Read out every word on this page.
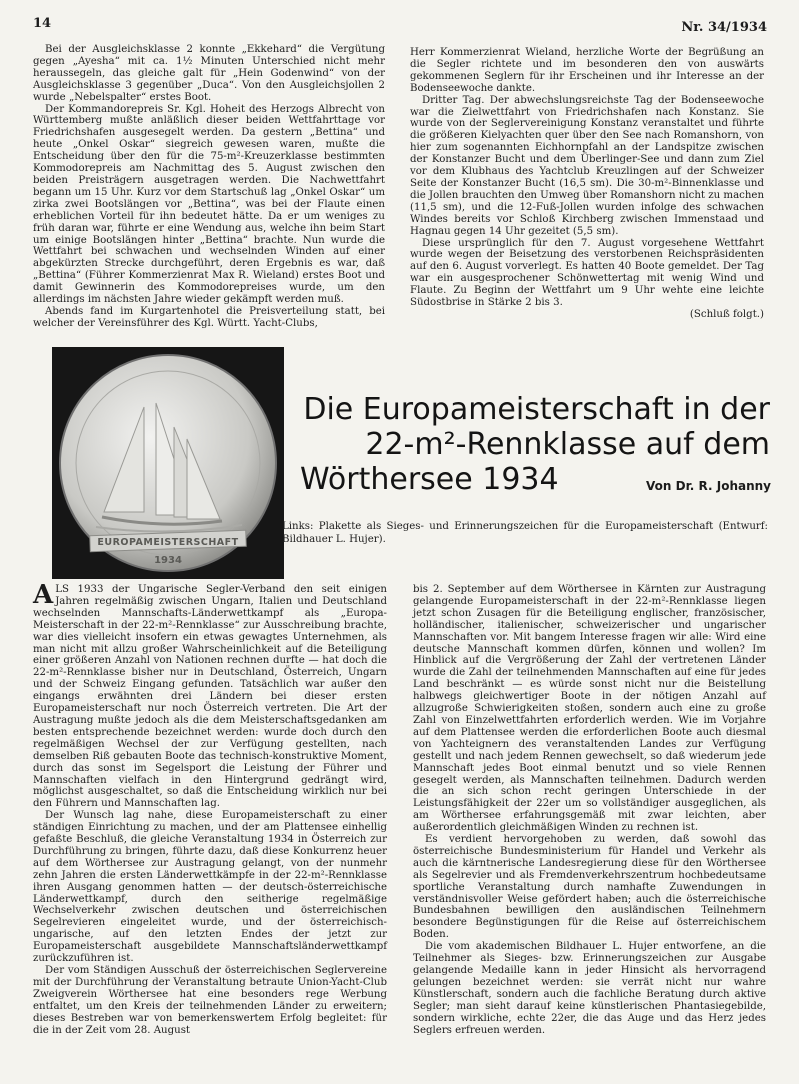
14	Nr. 34/1934

Bei der Ausgleichsklasse 2 konnte „Ekkehard“ die Vergütung gegen „Ayesha“ mit ca. 1½ Minuten Unterschied nicht mehr heraussegeln, das gleiche galt für „Hein Godenwind“ von der Ausgleichsklasse 3 gegenüber „Duca“. Von den Ausgleichsjollen 2 wurde „Nebelspalter“ erstes Boot.

Der Kommandorepreis Sr. Kgl. Hoheit des Herzogs Albrecht von Württemberg mußte anläßlich dieser beiden Wettfahrttage vor Friedrichshafen ausgesegelt werden. Da gestern „Bettina“ und heute „Onkel Oskar“ siegreich gewesen waren, mußte die Entscheidung über den für die 75-m²-Kreuzerklasse bestimmten Kommodorepreis am Nachmittag des 5. August zwischen den beiden Preisträgern ausgetragen werden. Die Nachwettfahrt begann um 15 Uhr. Kurz vor dem Startschuß lag „Onkel Oskar“ um zirka zwei Bootslängen vor „Bettina“, was bei der Flaute einen erheblichen Vorteil für ihn bedeutet hätte. Da er um weniges zu früh daran war, führte er eine Wendung aus, welche ihn beim Start um einige Bootslängen hinter „Bettina“ brachte. Nun wurde die Wettfahrt bei schwachen und wechselnden Winden auf einer abgekürzten Strecke durchgeführt, deren Ergebnis es war, daß „Bettina“ (Führer Kommerzienrat Max R. Wieland) erstes Boot und damit Gewinnerin des Kommodorepreises wurde, um den allerdings im nächsten Jahre wieder gekämpft werden muß.

Abends fand im Kurgartenhotel die Preisverteilung statt, bei welcher der Vereinsführer des Kgl. Württ. Yacht-Clubs,

Herr Kommerzienrat Wieland, herzliche Worte der Begrüßung an die Segler richtete und im besonderen den von auswärts gekommenen Seglern für ihr Erscheinen und ihr Interesse an der Bodenseewoche dankte.

Dritter Tag. Der abwechslungsreichste Tag der Bodenseewoche war die Zielwettfahrt von Friedrichshafen nach Konstanz. Sie wurde von der Seglervereinigung Konstanz veranstaltet und führte die größeren Kielyachten quer über den See nach Romanshorn, von hier zum sogenannten Eichhornpfahl an der Landspitze zwischen der Konstanzer Bucht und dem Überlinger-See und dann zum Ziel vor dem Klubhaus des Yachtclub Kreuzlingen auf der Schweizer Seite der Konstanzer Bucht (16,5 sm). Die 30-m²-Binnenklasse und die Jollen brauchten den Umweg über Romanshorn nicht zu machen (11,5 sm), und die 12-Fuß-Jollen wurden infolge des schwachen Windes bereits vor Schloß Kirchberg zwischen Immenstaad und Hagnau gegen 14 Uhr gezeitet (5,5 sm).

Diese ursprünglich für den 7. August vorgesehene Wettfahrt wurde wegen der Beisetzung des verstorbenen Reichspräsidenten auf den 6. August vorverlegt. Es hatten 40 Boote gemeldet. Der Tag war ein ausgesprochener Schönwettertag mit wenig Wind und Flaute. Zu Beginn der Wettfahrt um 9 Uhr wehte eine leichte Südostbrise in Stärke 2 bis 3.

(Schluß folgt.)

EUROPAMEISTERSCHAFT
1934
Die Europameisterschaft in der
22-m²-Rennklasse auf dem
Wörthersee 1934	Von Dr. R. Johanny
Links: Plakette als Sieges- und Erinnerungszeichen für die Europameisterschaft (Entwurf: Bildhauer L. Hujer).

ALS 1933 der Ungarische Segler-Verband den seit einigen Jahren regelmäßig zwischen Ungarn, Italien und Deutschland wechselnden Mannschafts-Länderwettkampf als „Europa-Meisterschaft in der 22-m²-Rennklasse“ zur Ausschreibung brachte, war dies vielleicht insofern ein etwas gewagtes Unternehmen, als man nicht mit allzu großer Wahrscheinlichkeit auf die Beteiligung einer größeren Anzahl von Nationen rechnen durfte — hat doch die 22-m²-Rennklasse bisher nur in Deutschland, Österreich, Ungarn und der Schweiz Eingang gefunden. Tatsächlich war außer den eingangs erwähnten drei Ländern bei dieser ersten Europameisterschaft nur noch Österreich vertreten. Die Art der Austragung mußte jedoch als die dem Meisterschaftsgedanken am besten entsprechende bezeichnet werden: wurde doch durch den regelmäßigen Wechsel der zur Verfügung gestellten, nach demselben Riß gebauten Boote das technisch-konstruktive Moment, durch das sonst im Segelsport die Leistung der Führer und Mannschaften vielfach in den Hintergrund gedrängt wird, möglichst ausgeschaltet, so daß die Entscheidung wirklich nur bei den Führern und Mannschaften lag.

Der Wunsch lag nahe, diese Europameisterschaft zu einer ständigen Einrichtung zu machen, und der am Plattensee einhellig gefaßte Beschluß, die gleiche Veranstaltung 1934 in Österreich zur Durchführung zu bringen, führte dazu, daß diese Konkurrenz heuer auf dem Wörthersee zur Austragung gelangt, von der nunmehr zehn Jahren die ersten Länderwettkämpfe in der 22-m²-Rennklasse ihren Ausgang genommen hatten — der deutsch-österreichische Länderwettkampf, durch den seitherige regelmäßige Wechselverkehr zwischen deutschen und österreichischen Segelrevieren eingeleitet wurde, und der österreichisch-ungarische, auf den letzten Endes der jetzt zur Europameisterschaft ausgebildete Mannschaftsländerwettkampf zurückzuführen ist.

Der vom Ständigen Ausschuß der österreichischen Seglervereine mit der Durchführung der Veranstaltung betraute Union-Yacht-Club Zweigverein Wörthersee hat eine besonders rege Werbung entfaltet, um den Kreis der teilnehmenden Länder zu erweitern; dieses Bestreben war von bemerkenswertem Erfolg begleitet: für die in der Zeit vom 28. August

bis 2. September auf dem Wörthersee in Kärnten zur Austragung gelangende Europameisterschaft in der 22-m²-Rennklasse liegen jetzt schon Zusagen für die Beteiligung englischer, französischer, holländischer, italienischer, schweizerischer und ungarischer Mannschaften vor. Mit bangem Interesse fragen wir alle: Wird eine deutsche Mannschaft kommen dürfen, können und wollen? Im Hinblick auf die Vergrößerung der Zahl der vertretenen Länder wurde die Zahl der teilnehmenden Mannschaften auf eine für jedes Land beschränkt — es würde sonst nicht nur die Beistellung halbwegs gleichwertiger Boote in der nötigen Anzahl auf allzugroße Schwierigkeiten stoßen, sondern auch eine zu große Zahl von Einzelwettfahrten erforderlich werden. Wie im Vorjahre auf dem Plattensee werden die erforderlichen Boote auch diesmal von Yachteignern des veranstaltenden Landes zur Verfügung gestellt und nach jedem Rennen gewechselt, so daß wiederum jede Mannschaft jedes Boot einmal benutzt und so viele Rennen gesegelt werden, als Mannschaften teilnehmen. Dadurch werden die an sich schon recht geringen Unterschiede in der Leistungsfähigkeit der 22er um so vollständiger ausgeglichen, als am Wörthersee erfahrungsgemäß mit zwar leichten, aber außerordentlich gleichmäßigen Winden zu rechnen ist.

Es verdient hervorgehoben zu werden, daß sowohl das österreichische Bundesministerium für Handel und Verkehr als auch die kärntnerische Landesregierung diese für den Wörthersee als Segelrevier und als Fremdenverkehrszentrum hochbedeutsame sportliche Veranstaltung durch namhafte Zuwendungen in verständnisvoller Weise gefördert haben; auch die österreichische Bundesbahnen bewilligen den ausländischen Teilnehmern besondere Begünstigungen für die Reise auf österreichischem Boden.

Die vom akademischen Bildhauer L. Hujer entworfene, an die Teilnehmer als Sieges- bzw. Erinnerungszeichen zur Ausgabe gelangende Medaille kann in jeder Hinsicht als hervorragend gelungen bezeichnet werden: sie verrät nicht nur wahre Künstlerschaft, sondern auch die fachliche Beratung durch aktive Segler; man sieht darauf keine künstlerischen Phantasiegebilde, sondern wirkliche, echte 22er, die das Auge und das Herz jedes Seglers erfreuen werden.
